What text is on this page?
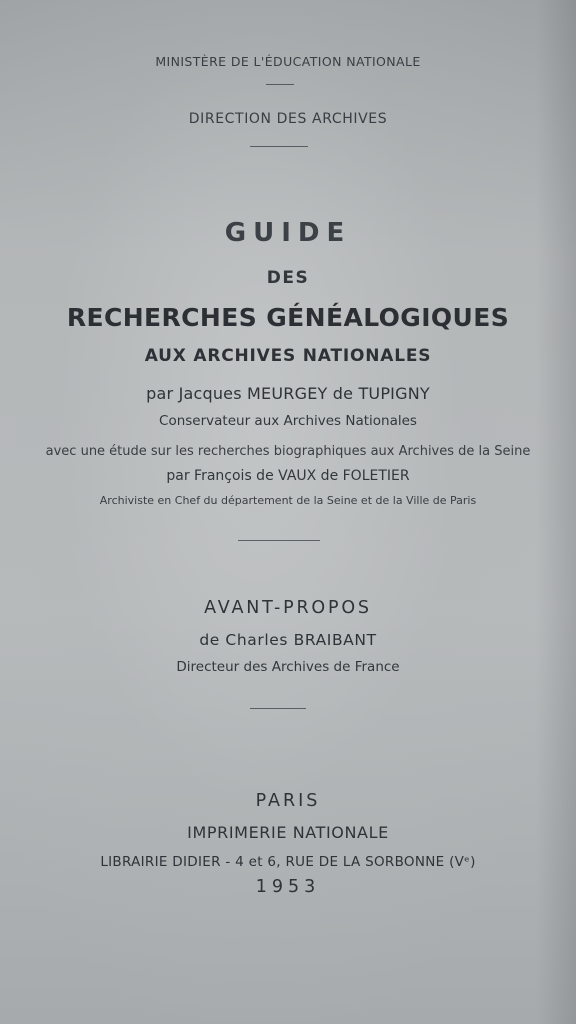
MINISTÈRE DE L'ÉDUCATION NATIONALE
DIRECTION DES ARCHIVES
GUIDE
DES
RECHERCHES GÉNÉALOGIQUES
AUX ARCHIVES NATIONALES
par Jacques MEURGEY de TUPIGNY
Conservateur aux Archives Nationales
avec une étude sur les recherches biographiques aux Archives de la Seine
par François de VAUX de FOLETIER
Archiviste en Chef du département de la Seine et de la Ville de Paris
AVANT-PROPOS
de Charles BRAIBANT
Directeur des Archives de France
PARIS
IMPRIMERIE NATIONALE
LIBRAIRIE DIDIER - 4 et 6, RUE DE LA SORBONNE (Vᵉ)
1953
